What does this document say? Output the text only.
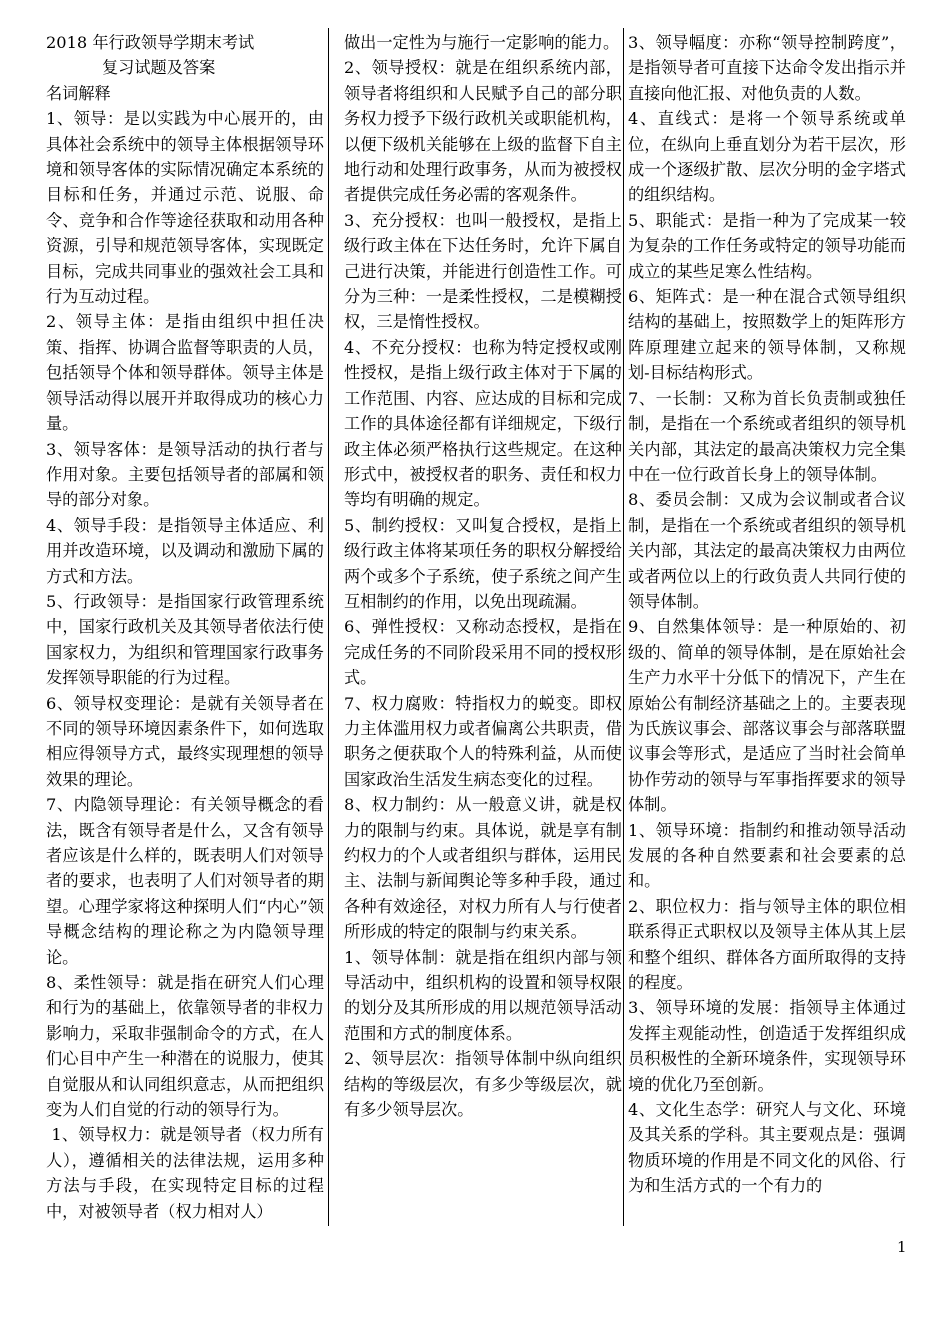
2018 年行政领导学期末考试

复习试题及答案

名词解释

1、领导：是以实践为中心展开的，由具体社会系统中的领导主体根据领导环境和领导客体的实际情况确定本系统的目标和任务，并通过示范、说服、命令、竞争和合作等途径获取和动用各种资源，引导和规范领导客体，实现既定目标，完成共同事业的强效社会工具和行为互动过程。

2、领导主体：是指由组织中担任决策、指挥、协调合监督等职责的人员，包括领导个体和领导群体。领导主体是领导活动得以展开并取得成功的核心力量。

3、领导客体：是领导活动的执行者与作用对象。主要包括领导者的部属和领导的部分对象。

4、领导手段：是指领导主体适应、利用并改造环境，以及调动和激励下属的方式和方法。

5、行政领导：是指国家行政管理系统中，国家行政机关及其领导者依法行使国家权力，为组织和管理国家行政事务发挥领导职能的行为过程。

6、领导权变理论：是就有关领导者在不同的领导环境因素条件下，如何选取相应得领导方式，最终实现理想的领导效果的理论。

7、内隐领导理论：有关领导概念的看法，既含有领导者是什么，又含有领导者应该是什么样的，既表明人们对领导者的要求，也表明了人们对领导者的期望。心理学家将这种探明人们“内心”领导概念结构的理论称之为内隐领导理论。

8、柔性领导：就是指在研究人们心理和行为的基础上，依靠领导者的非权力影响力，采取非强制命令的方式，在人们心目中产生一种潜在的说服力，使其自觉服从和认同组织意志，从而把组织变为人们自觉的行动的领导行为。

1、领导权力：就是领导者（权力所有人），遵循相关的法律法规，运用多种方法与手段，在实现特定目标的过程中，对被领导者（权力相对人）

做出一定性为与施行一定影响的能力。

2、领导授权：就是在组织系统内部，领导者将组织和人民赋予自己的部分职务权力授予下级行政机关或职能机构，以便下级机关能够在上级的监督下自主地行动和处理行政事务，从而为被授权者提供完成任务必需的客观条件。

3、充分授权：也叫一般授权，是指上级行政主体在下达任务时，允许下属自己进行决策，并能进行创造性工作。可分为三种：一是柔性授权，二是模糊授权，三是惰性授权。

4、不充分授权：也称为特定授权或刚性授权，是指上级行政主体对于下属的工作范围、内容、应达成的目标和完成工作的具体途径都有详细规定，下级行政主体必须严格执行这些规定。在这种形式中，被授权者的职务、责任和权力等均有明确的规定。

5、制约授权：又叫复合授权，是指上级行政主体将某项任务的职权分解授给两个或多个子系统，使子系统之间产生互相制约的作用，以免出现疏漏。

6、弹性授权：又称动态授权，是指在完成任务的不同阶段采用不同的授权形式。

7、权力腐败：特指权力的蜕变。即权力主体滥用权力或者偏离公共职责，借职务之便获取个人的特殊利益，从而使国家政治生活发生病态变化的过程。

8、权力制约：从一般意义讲，就是权力的限制与约束。具体说，就是享有制约权力的个人或者组织与群体，运用民主、法制与新闻舆论等多种手段，通过各种有效途径，对权力所有人与行使者所形成的特定的限制与约束关系。

1、领导体制：就是指在组织内部与领导活动中，组织机构的设置和领导权限的划分及其所形成的用以规范领导活动范围和方式的制度体系。

2、领导层次：指领导体制中纵向组织结构的等级层次，有多少等级层次，就有多少领导层次。

3、领导幅度：亦称“领导控制跨度”，是指领导者可直接下达命令发出指示并直接向他汇报、对他负责的人数。

4、直线式：是将一个领导系统或单位，在纵向上垂直划分为若干层次，形成一个逐级扩散、层次分明的金字塔式的组织结构。

5、职能式：是指一种为了完成某一较为复杂的工作任务或特定的领导功能而成立的某些足寒么性结构。

6、矩阵式：是一种在混合式领导组织结构的基础上，按照数学上的矩阵形方阵原理建立起来的领导体制，又称规划-目标结构形式。

7、一长制：又称为首长负责制或独任制，是指在一个系统或者组织的领导机关内部，其法定的最高决策权力完全集中在一位行政首长身上的领导体制。

8、委员会制：又成为会议制或者合议制，是指在一个系统或者组织的领导机关内部，其法定的最高决策权力由两位或者两位以上的行政负责人共同行使的领导体制。

9、自然集体领导：是一种原始的、初级的、简单的领导体制，是在原始社会生产力水平十分低下的情况下，产生在原始公有制经济基础之上的。主要表现为氏族议事会、部落议事会与部落联盟议事会等形式，是适应了当时社会简单协作劳动的领导与军事指挥要求的领导体制。

1、领导环境：指制约和推动领导活动发展的各种自然要素和社会要素的总和。

2、职位权力：指与领导主体的职位相联系得正式职权以及领导主体从其上层和整个组织、群体各方面所取得的支持的程度。

3、领导环境的发展：指领导主体通过发挥主观能动性，创造适于发挥组织成员积极性的全新环境条件，实现领导环境的优化乃至创新。

4、文化生态学：研究人与文化、环境及其关系的学科。其主要观点是：强调物质环境的作用是不同文化的风俗、行为和生活方式的一个有力的

1
